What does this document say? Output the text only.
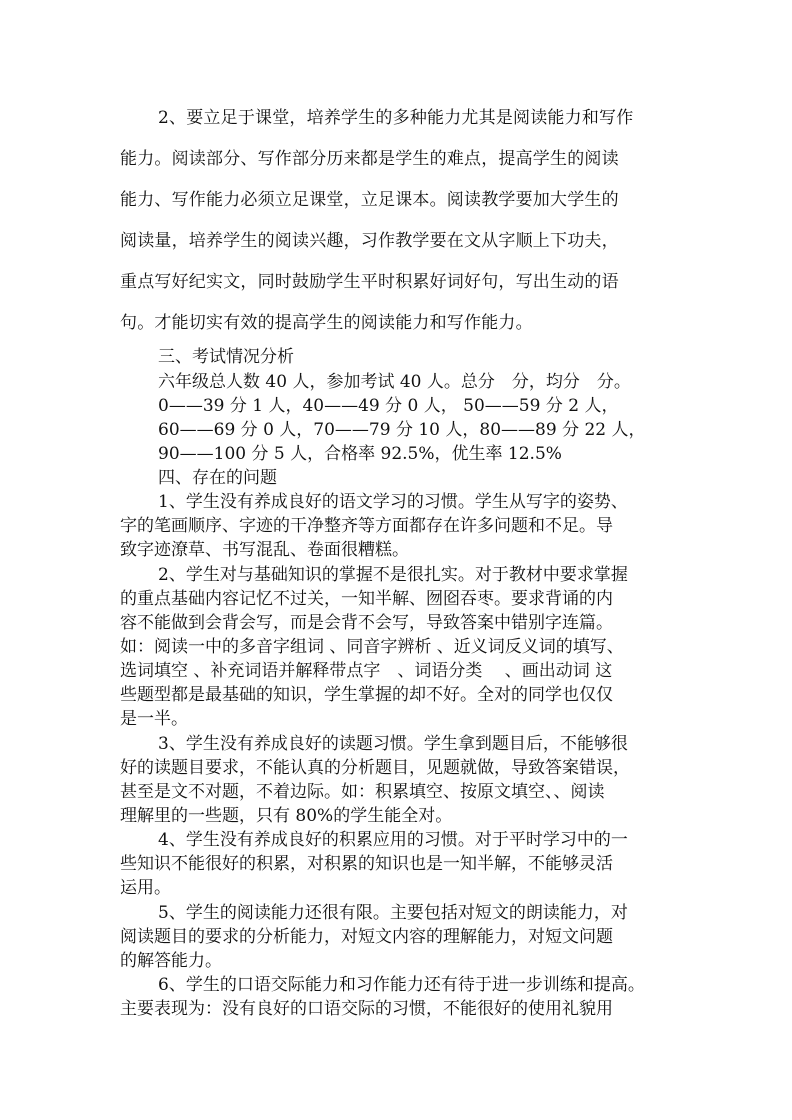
2、要立足于课堂，培养学生的多种能力尤其是阅读能力和写作
能力。阅读部分、写作部分历来都是学生的难点，提高学生的阅读
能力、写作能力必须立足课堂，立足课本。阅读教学要加大学生的
阅读量，培养学生的阅读兴趣，习作教学要在文从字顺上下功夫，
重点写好纪实文，同时鼓励学生平时积累好词好句，写出生动的语
句。才能切实有效的提高学生的阅读能力和写作能力。
三、考试情况分析
六年级总人数 40 人，参加考试 40 人。总分　分，均分　分。
0——39 分 1 人，40——49 分 0 人， 50——59 分 2 人，
60——69 分 0 人，70——79 分 10 人，80——89 分 22 人，
90——100 分 5 人，合格率 92.5%，优生率 12.5%
四、存在的问题
1、学生没有养成良好的语文学习的习惯。学生从写字的姿势、
字的笔画顺序、字迹的干净整齐等方面都存在许多问题和不足。导
致字迹潦草、书写混乱、卷面很糟糕。
2、学生对与基础知识的掌握不是很扎实。对于教材中要求掌握
的重点基础内容记忆不过关，一知半解、囫囵吞枣。要求背诵的内
容不能做到会背会写，而是会背不会写，导致答案中错别字连篇。
如：阅读一中的多音字组词 、同音字辨析 、近义词反义词的填写、
选词填空 、补充词语并解释带点字　、词语分类　 、画出动词 这
些题型都是最基础的知识，学生掌握的却不好。全对的同学也仅仅
是一半。
3、学生没有养成良好的读题习惯。学生拿到题目后，不能够很
好的读题目要求，不能认真的分析题目，见题就做，导致答案错误，
甚至是文不对题，不着边际。如：积累填空、按原文填空、、阅读
理解里的一些题，只有 80%的学生能全对。
4、学生没有养成良好的积累应用的习惯。对于平时学习中的一
些知识不能很好的积累，对积累的知识也是一知半解，不能够灵活
运用。
5、学生的阅读能力还很有限。主要包括对短文的朗读能力，对
阅读题目的要求的分析能力，对短文内容的理解能力，对短文问题
的解答能力。
6、学生的口语交际能力和习作能力还有待于进一步训练和提高。
主要表现为：没有良好的口语交际的习惯，不能很好的使用礼貌用
